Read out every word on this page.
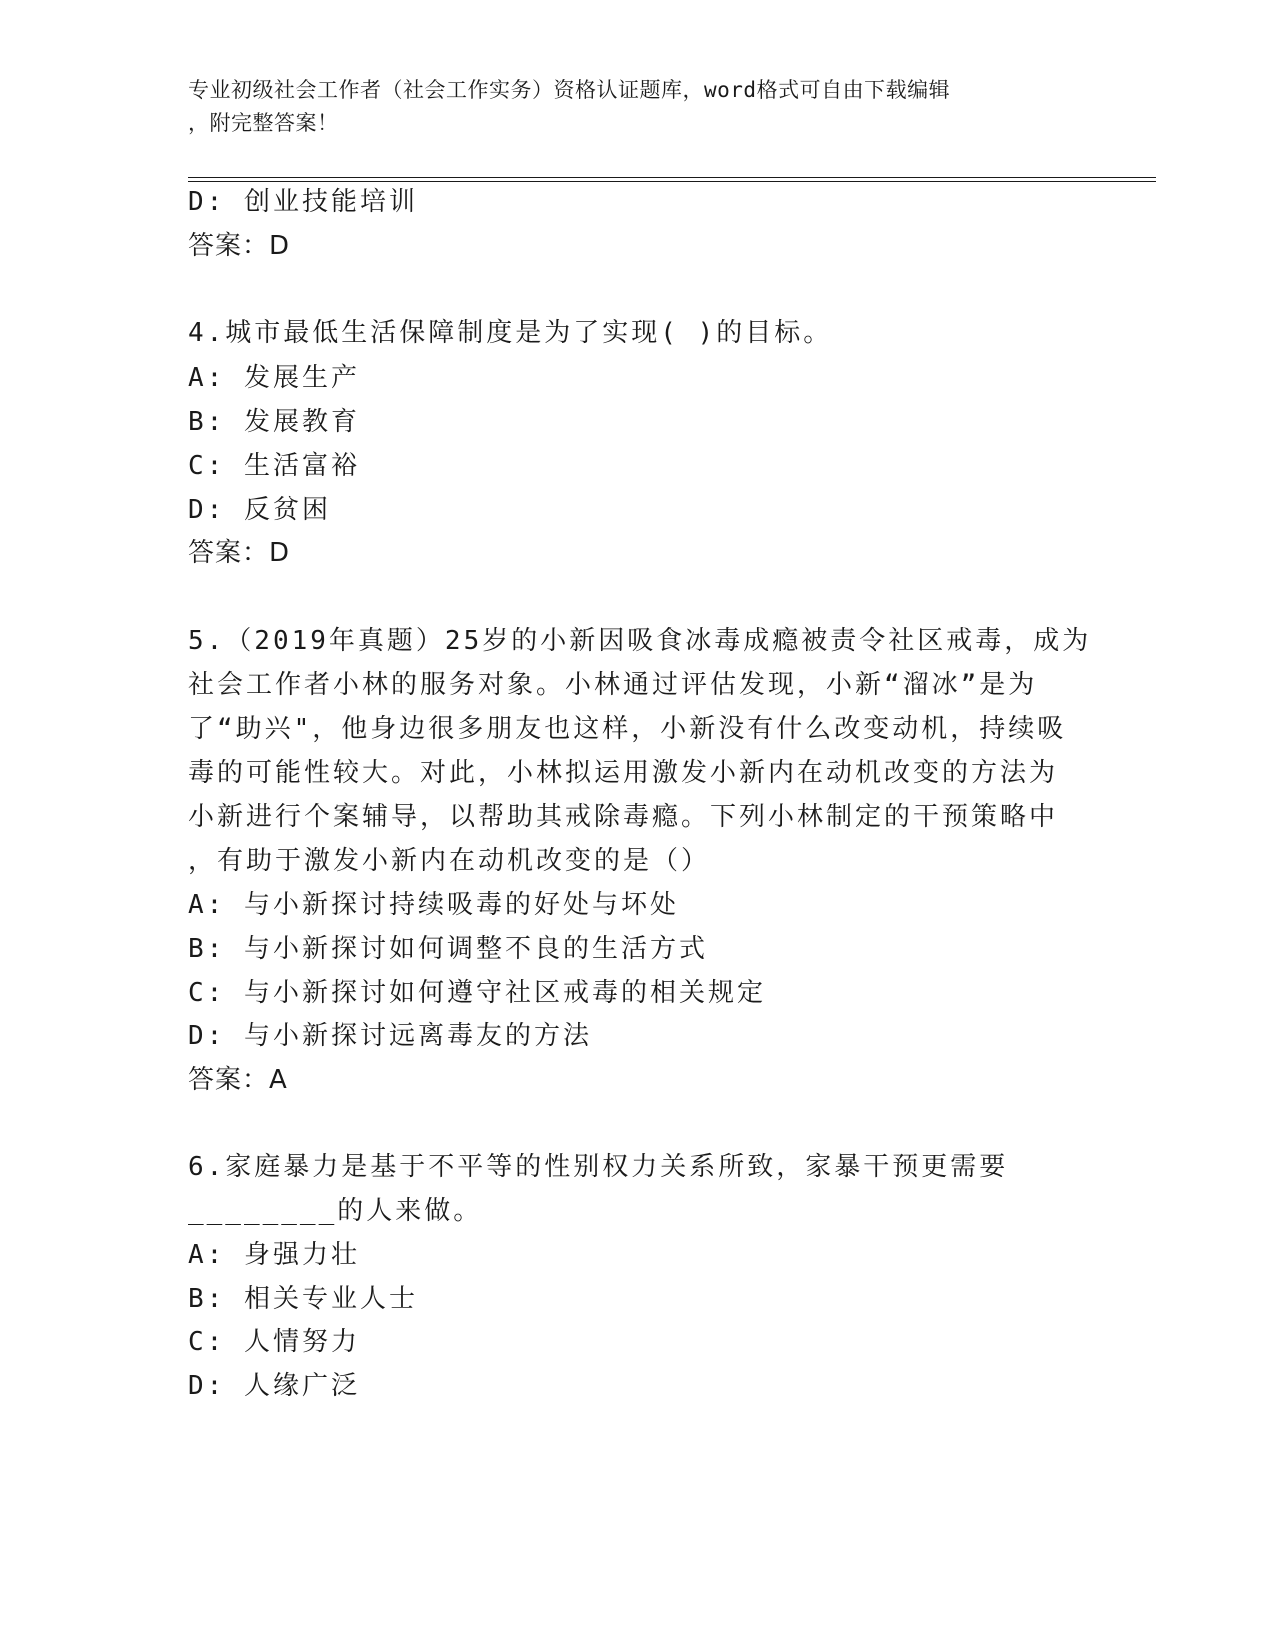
专业初级社会工作者（社会工作实务）资格认证题库，word格式可自由下载编辑
，附完整答案！
D: 创业技能培训
答案：D
4.城市最低生活保障制度是为了实现( )的目标。
A: 发展生产
B: 发展教育
C: 生活富裕
D: 反贫困
答案：D
5.（2019年真题）25岁的小新因吸食冰毒成瘾被责令社区戒毒，成为
社会工作者小林的服务对象。小林通过评估发现，小新“溜冰”是为
了“助兴"，他身边很多朋友也这样，小新没有什么改变动机，持续吸
毒的可能性较大。对此，小林拟运用激发小新内在动机改变的方法为
小新进行个案辅导，以帮助其戒除毒瘾。下列小林制定的干预策略中
，有助于激发小新内在动机改变的是（）
A: 与小新探讨持续吸毒的好处与坏处
B: 与小新探讨如何调整不良的生活方式
C: 与小新探讨如何遵守社区戒毒的相关规定
D: 与小新探讨远离毒友的方法
答案：A
6.家庭暴力是基于不平等的性别权力关系所致，家暴干预更需要
________的人来做。
A: 身强力壮
B: 相关专业人士
C: 人情努力
D: 人缘广泛
